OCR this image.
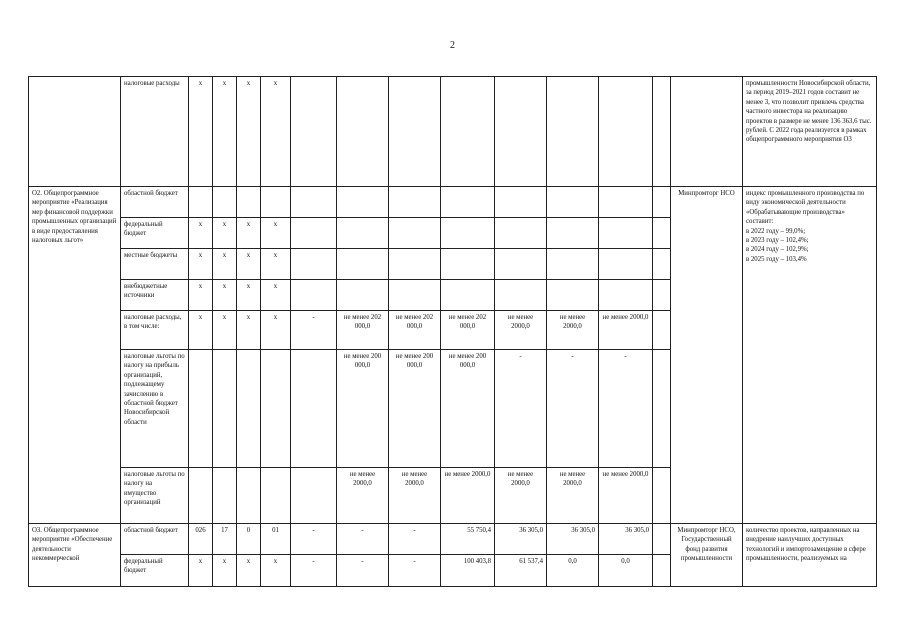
2
	налоговые расходы	х	х	х	х										промышленности Новосибирской области, за период 2019–2021 годов составит не менее 3, что позволит привлечь средства частного инвестора на реализацию проектов в размере не менее 136 363,6 тыс. рублей. С 2022 года реализуется в рамках общепрограммного мероприятия О3
О2. Общепрограммное мероприятие «Реализация мер финансовой поддержки промышленных организаций в виде предоставления налоговых льгот»	областной бюджет													Минпромторг НСО	индекс промышленного производства по виду экономической деятельности «Обрабатывающие производства» составит:
в 2022 году – 99,0%;
в 2023 году – 102,4%;
в 2024 году – 102,9%;
в 2025 году – 103,4%

	федеральный бюджет	х	х	х	х										
	местные бюджеты	х	х	х	х										
	внебюджетные источники	х	х	х	х										
	налоговые расходы, в том числе:	х	х	х	х	-	не менее 202 000,0	не менее 202 000,0	не менее 202 000,0	не менее 2000,0	не менее 2000,0	не менее 2000,0			
	налоговые льготы по налогу на прибыль организаций, подлежащему зачислению в областной бюджет Новосибирской области						не менее 200 000,0	не менее 200 000,0	не менее 200 000,0	-	-	-			
	налоговые льготы по налогу на имущество организаций						не менее 2000,0	не менее 2000,0	не менее 2000,0	не менее 2000,0	не менее 2000,0	не менее 2000,0			
О3. Общепрограммное мероприятие «Обеспечение деятельности некоммерческой	областной бюджет	026	17	0	01	-	-	-	55 750,4	36 305,0	36 305,0	36 305,0		Минпромторг НСО, Государственный фонд развития промышленности	количество проектов, направленных на внедрение наилучших доступных технологий и импортозамещение в сфере промышленности, реализуемых на
	федеральный бюджет	х	х	х	х	-	-	-	100 403,8	61 537,4	0,0	0,0			
